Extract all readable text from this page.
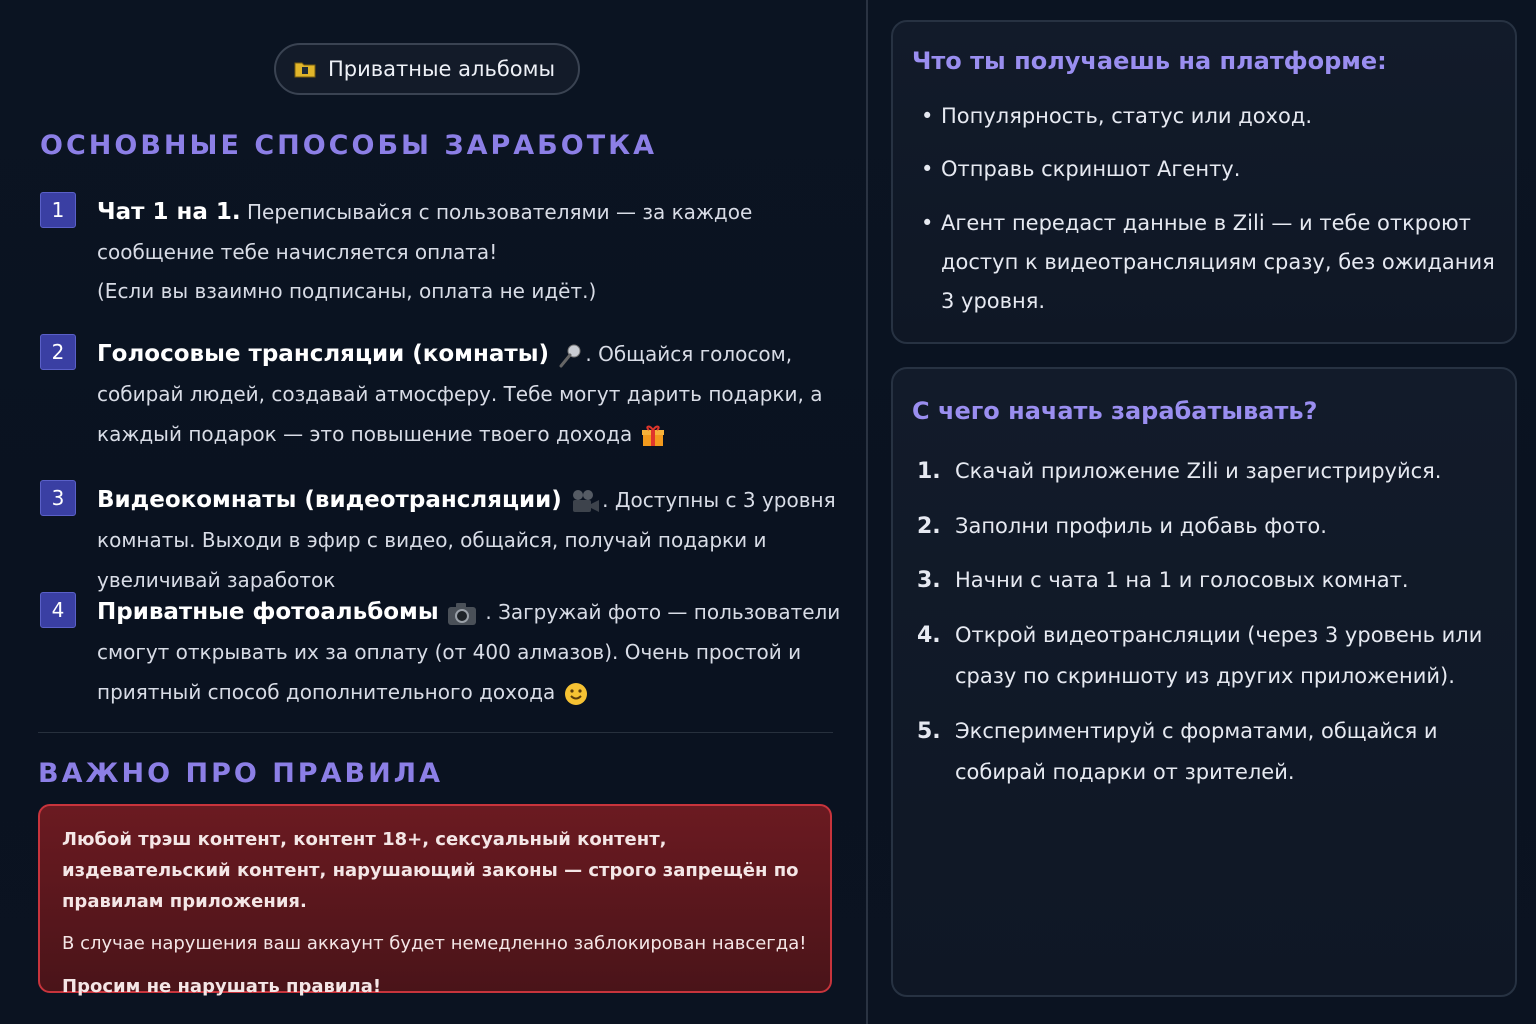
Приватные альбомы
ОСНОВНЫЕ СПОСОБЫ ЗАРАБОТКА
1	Чат 1 на 1. Переписывайся с пользователями — за каждое сообщение тебе начисляется оплата!
(Если вы взаимно подписаны, оплата не идёт.)
2	Голосовые трансляции (комнаты) . Общайся голосом, собирай людей, создавай атмосферу. Тебе могут дарить подарки, а каждый подарок — это повышение твоего дохода
3	Видеокомнаты (видеотрансляции) . Доступны с 3 уровня комнаты. Выходи в эфир с видео, общайся, получай подарки и увеличивай заработок
4	Приватные фотоальбомы  . Загружай фото — пользователи смогут открывать их за оплату (от 400 алмазов). Очень простой и приятный способ дополнительного дохода
ВАЖНО ПРО ПРАВИЛА
Любой трэш контент, контент 18+, сексуальный контент, издевательский контент, нарушающий законы — строго запрещён по правилам приложения.
В случае нарушения ваш аккаунт будет немедленно заблокирован навсегда!
Просим не нарушать правила!
Что ты получаешь на платформе:
• Популярность, статус или доход.
• Отправь скриншот Агенту.
• Агент передаст данные в Zili — и тебе откроют доступ к видеотрансляциям сразу, без ожидания 3 уровня.
С чего начать зарабатывать?
1. Скачай приложение Zili и зарегистрируйся.
2. Заполни профиль и добавь фото.
3. Начни с чата 1 на 1 и голосовых комнат.
4. Открой видеотрансляции (через 3 уровень или сразу по скриншоту из других приложений).
5. Экспериментируй с форматами, общайся и собирай подарки от зрителей.
